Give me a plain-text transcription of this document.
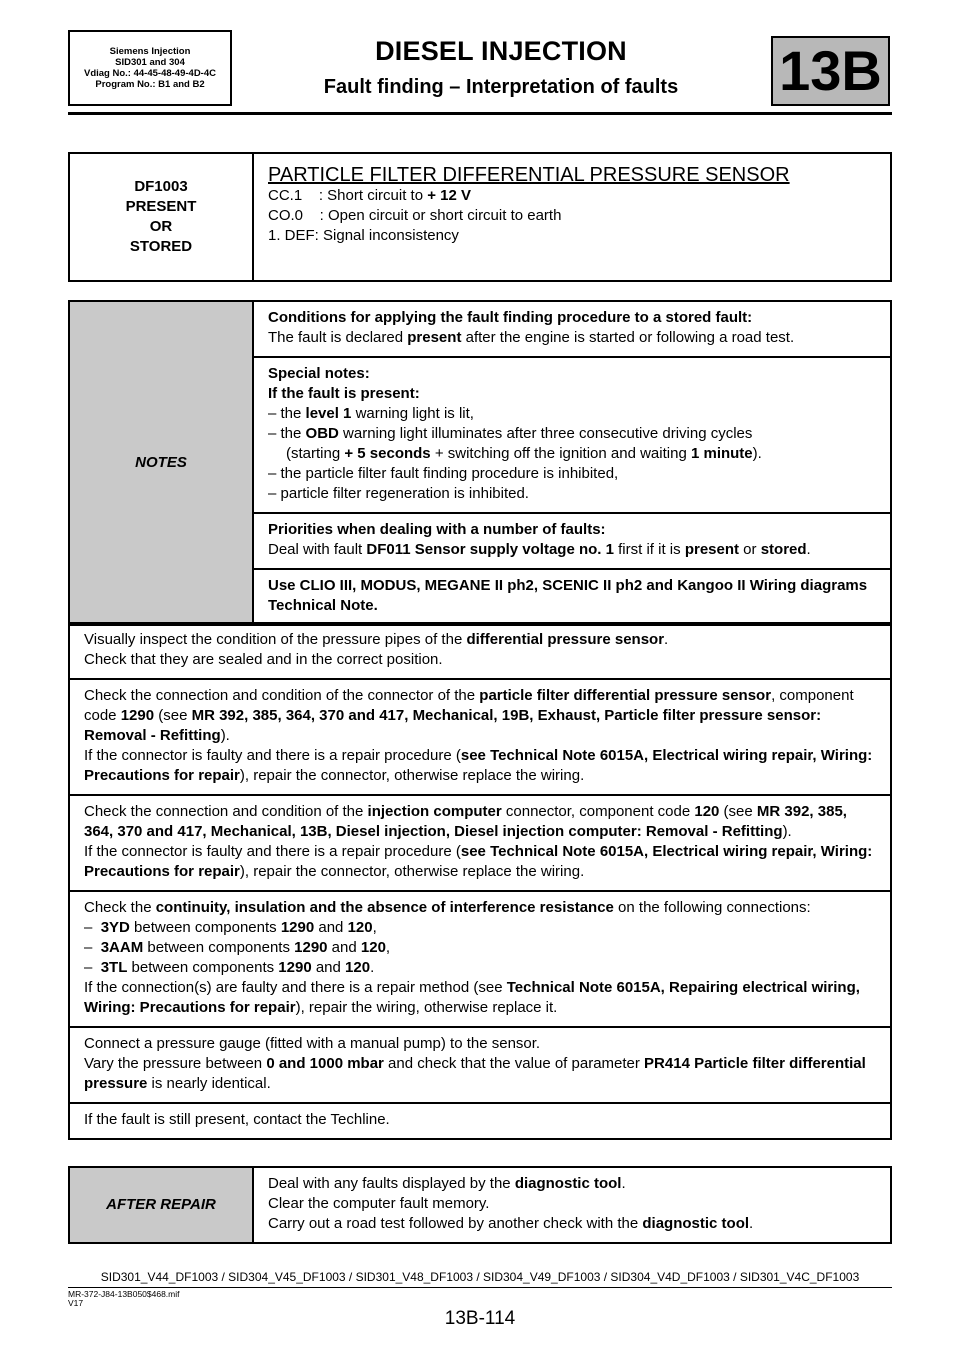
Siemens Injection
SID301 and 304
Vdiag No.: 44-45-48-49-4D-4C
Program No.: B1 and B2
DIESEL INJECTION
Fault finding – Interpretation of faults	13B
DF1003
PRESENT
OR
STORED

PARTICLE FILTER DIFFERENTIAL PRESSURE SENSOR
CC.1    : Short circuit to + 12 V
CO.0    : Open circuit or short circuit to earth
1. DEF: Signal inconsistency
NOTES	
Conditions for applying the fault finding procedure to a stored fault:
The fault is declared present after the engine is started or following a road test.

Special notes:
If the fault is present:
– the level 1 warning light is lit,
– the OBD warning light illuminates after three consecutive driving cycles
(starting + 5 seconds + switching off the ignition and waiting 1 minute).
– the particle filter fault finding procedure is inhibited,
– particle filter regeneration is inhibited.

Priorities when dealing with a number of faults:
Deal with fault DF011 Sensor supply voltage no. 1 first if it is present or stored.

Use CLIO III, MODUS, MEGANE II ph2, SCENIC II ph2 and Kangoo II Wiring diagrams Technical Note.
Visually inspect the condition of the pressure pipes of the differential pressure sensor.
Check that they are sealed and in the correct position.

Check the connection and condition of the connector of the particle filter differential pressure sensor, component code 1290 (see MR 392, 385, 364, 370 and 417, Mechanical, 19B, Exhaust, Particle filter pressure sensor: Removal - Refitting).
If the connector is faulty and there is a repair procedure (see Technical Note 6015A, Electrical wiring repair, Wiring: Precautions for repair), repair the connector, otherwise replace the wiring.
Check the connection and condition of the injection computer connector, component code 120 (see MR 392, 385, 364, 370 and 417, Mechanical, 13B, Diesel injection, Diesel injection computer: Removal - Refitting).
If the connector is faulty and there is a repair procedure (see Technical Note 6015A, Electrical wiring repair, Wiring: Precautions for repair), repair the connector, otherwise replace the wiring.

Check the continuity, insulation and the absence of interference resistance on the following connections:
–  3YD between components 1290 and 120,
–  3AAM between components 1290 and 120,
–  3TL between components 1290 and 120.
If the connection(s) are faulty and there is a repair method (see Technical Note 6015A, Repairing electrical wiring, Wiring: Precautions for repair), repair the wiring, otherwise replace it.

Connect a pressure gauge (fitted with a manual pump) to the sensor.
Vary the pressure between 0 and 1000 mbar and check that the value of parameter PR414 Particle filter differential pressure is nearly identical.

If the fault is still present, contact the Techline.
AFTER REPAIR	
Deal with any faults displayed by the diagnostic tool.
Clear the computer fault memory.
Carry out a road test followed by another check with the diagnostic tool.
SID301_V44_DF1003 / SID304_V45_DF1003 / SID301_V48_DF1003 / SID304_V49_DF1003 / SID304_V4D_DF1003 / SID301_V4C_DF1003
MR-372-J84-13B050$468.mif
V17
13B-114
